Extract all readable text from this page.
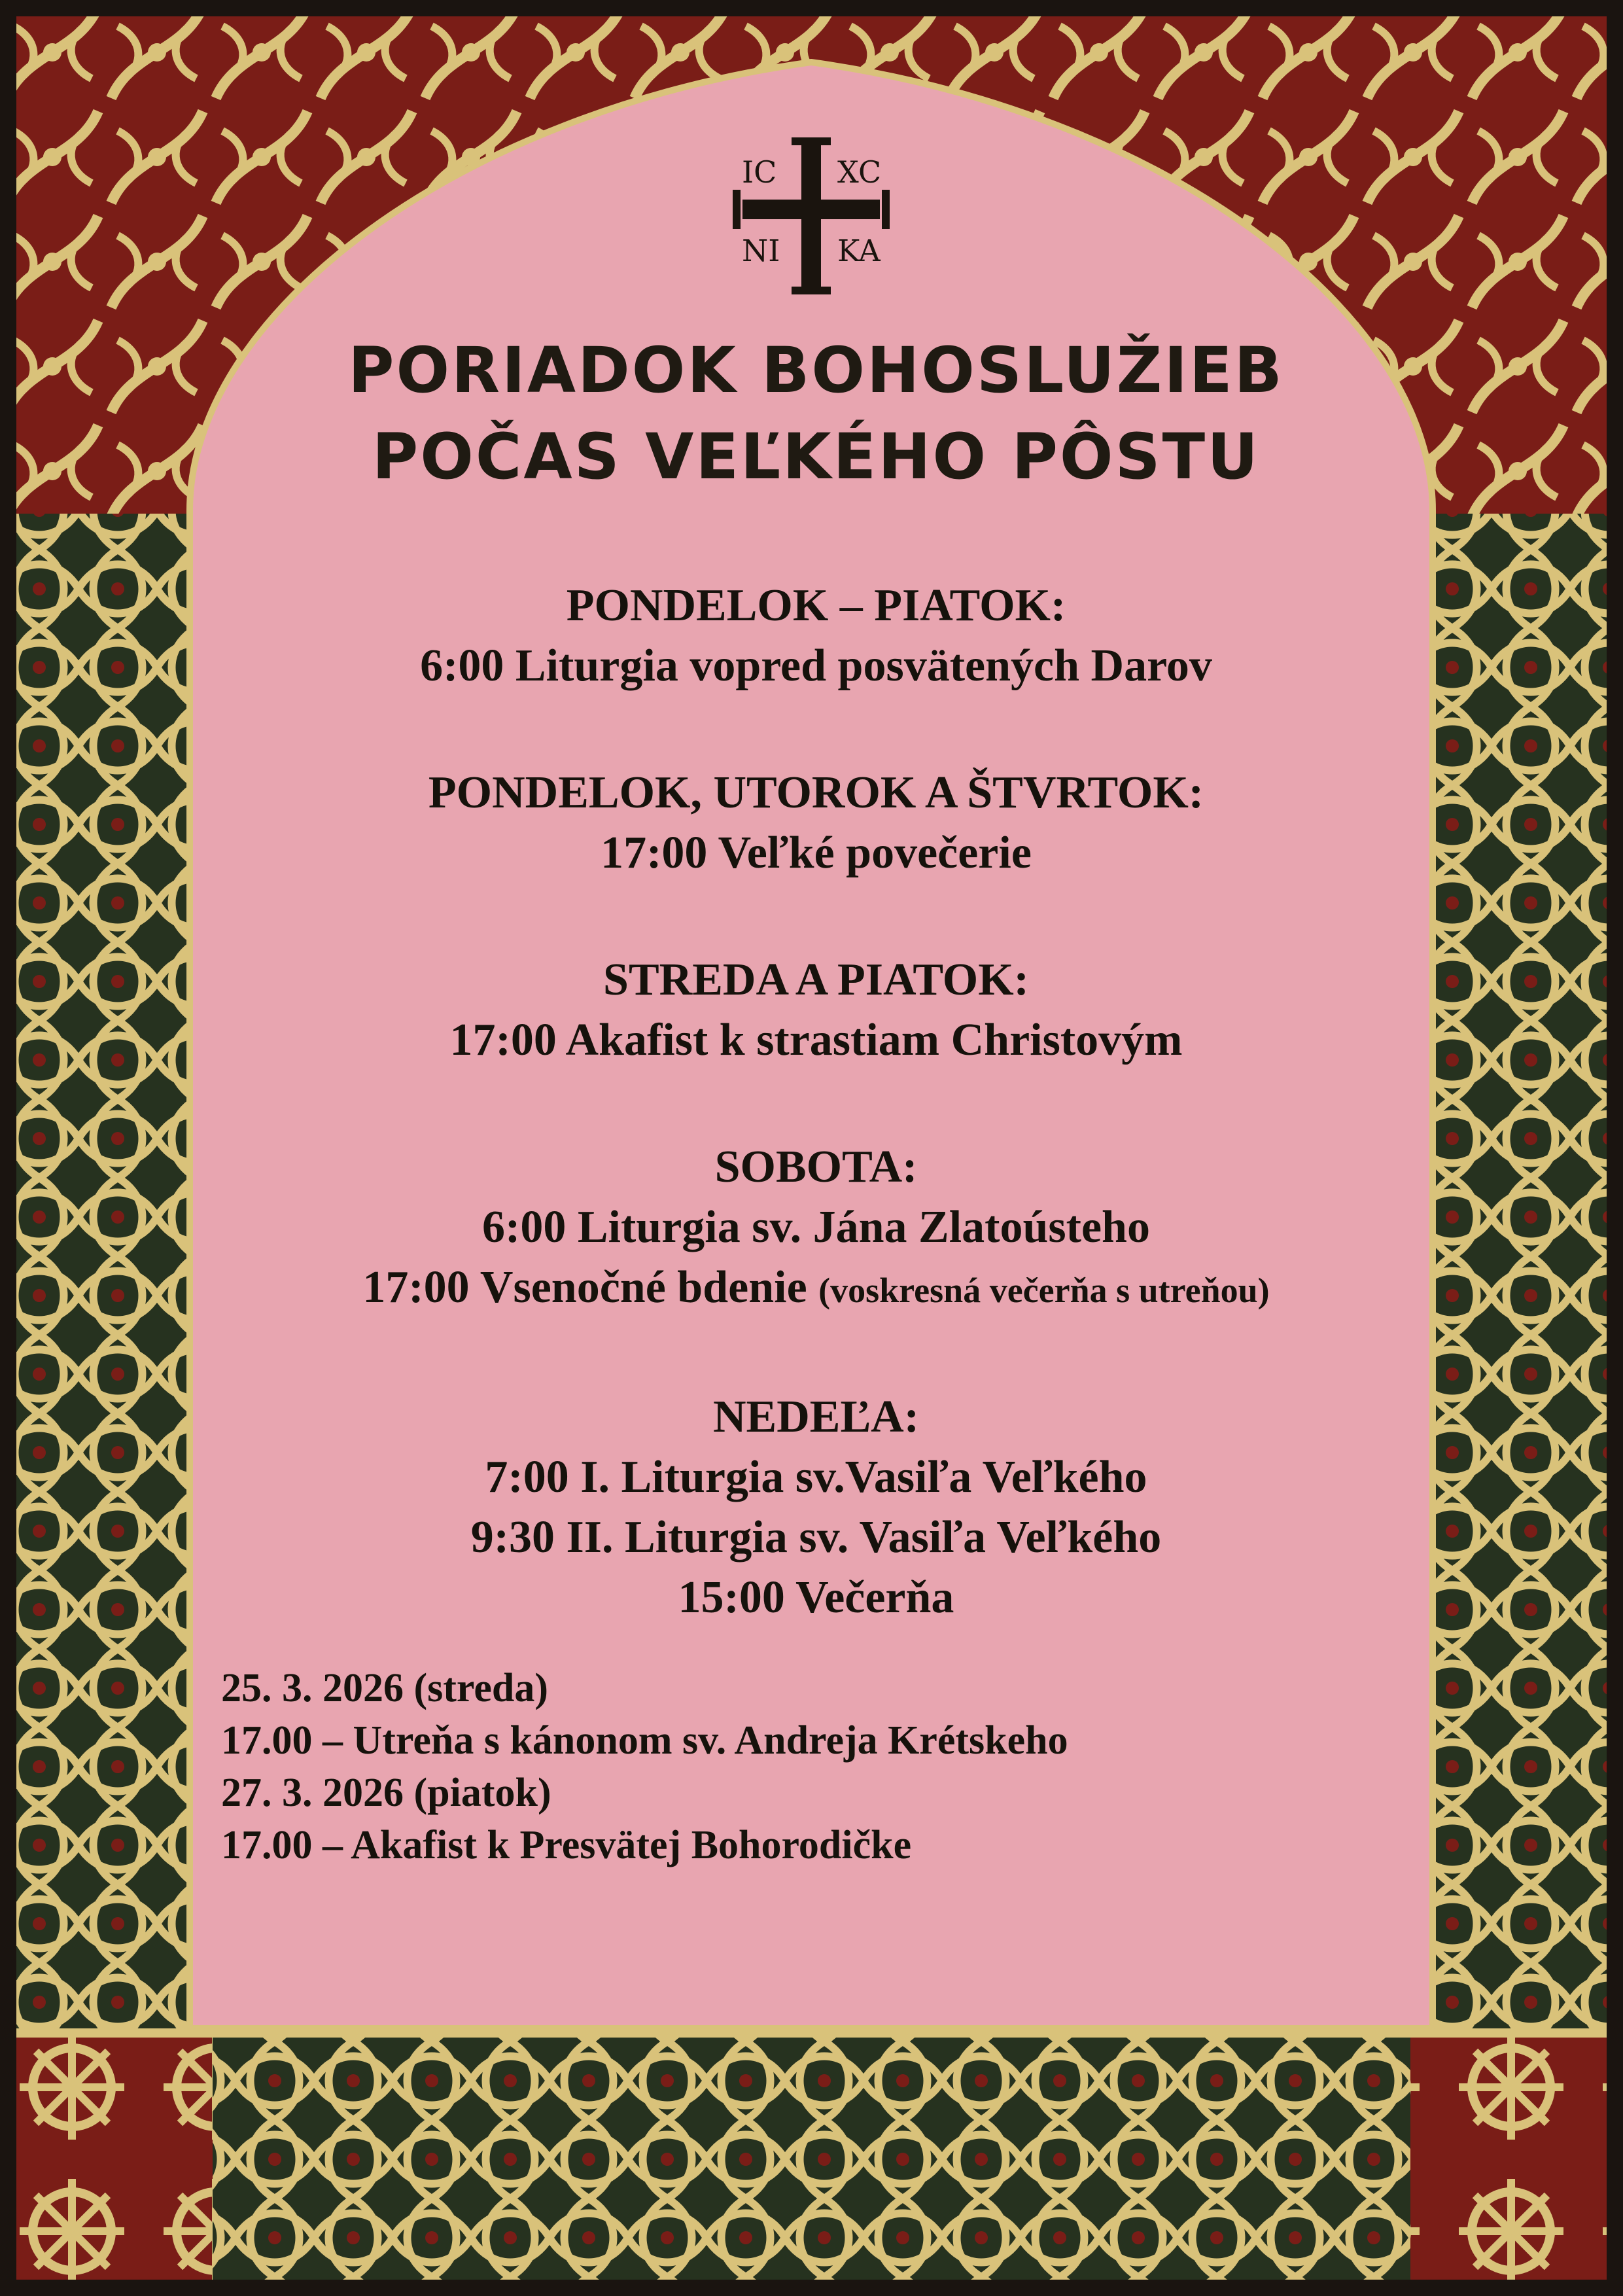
IC XC
NI KA
PORIADOK BOHOSLUŽIEB
POČAS VEĽKÉHO PÔSTU

PONDELOK – PIATOK:

6:00 Liturgia vopred posvätených Darov

PONDELOK, UTOROK A ŠTVRTOK:

17:00 Veľké povečerie

STREDA A PIATOK:

17:00 Akafist k strastiam Christovým

SOBOTA:

6:00 Liturgia sv. Jána Zlatoústeho

17:00 Vsenočné bdenie (voskresná večerňa s utreňou)

NEDEĽA:

7:00 I. Liturgia sv.Vasiľa Veľkého

9:30 II. Liturgia sv. Vasiľa Veľkého

15:00 Večerňa

25. 3. 2026 (streda)

17.00 – Utreňa s kánonom sv. Andreja Krétskeho

27. 3. 2026 (piatok)

17.00 – Akafist k Presvätej Bohorodičke
